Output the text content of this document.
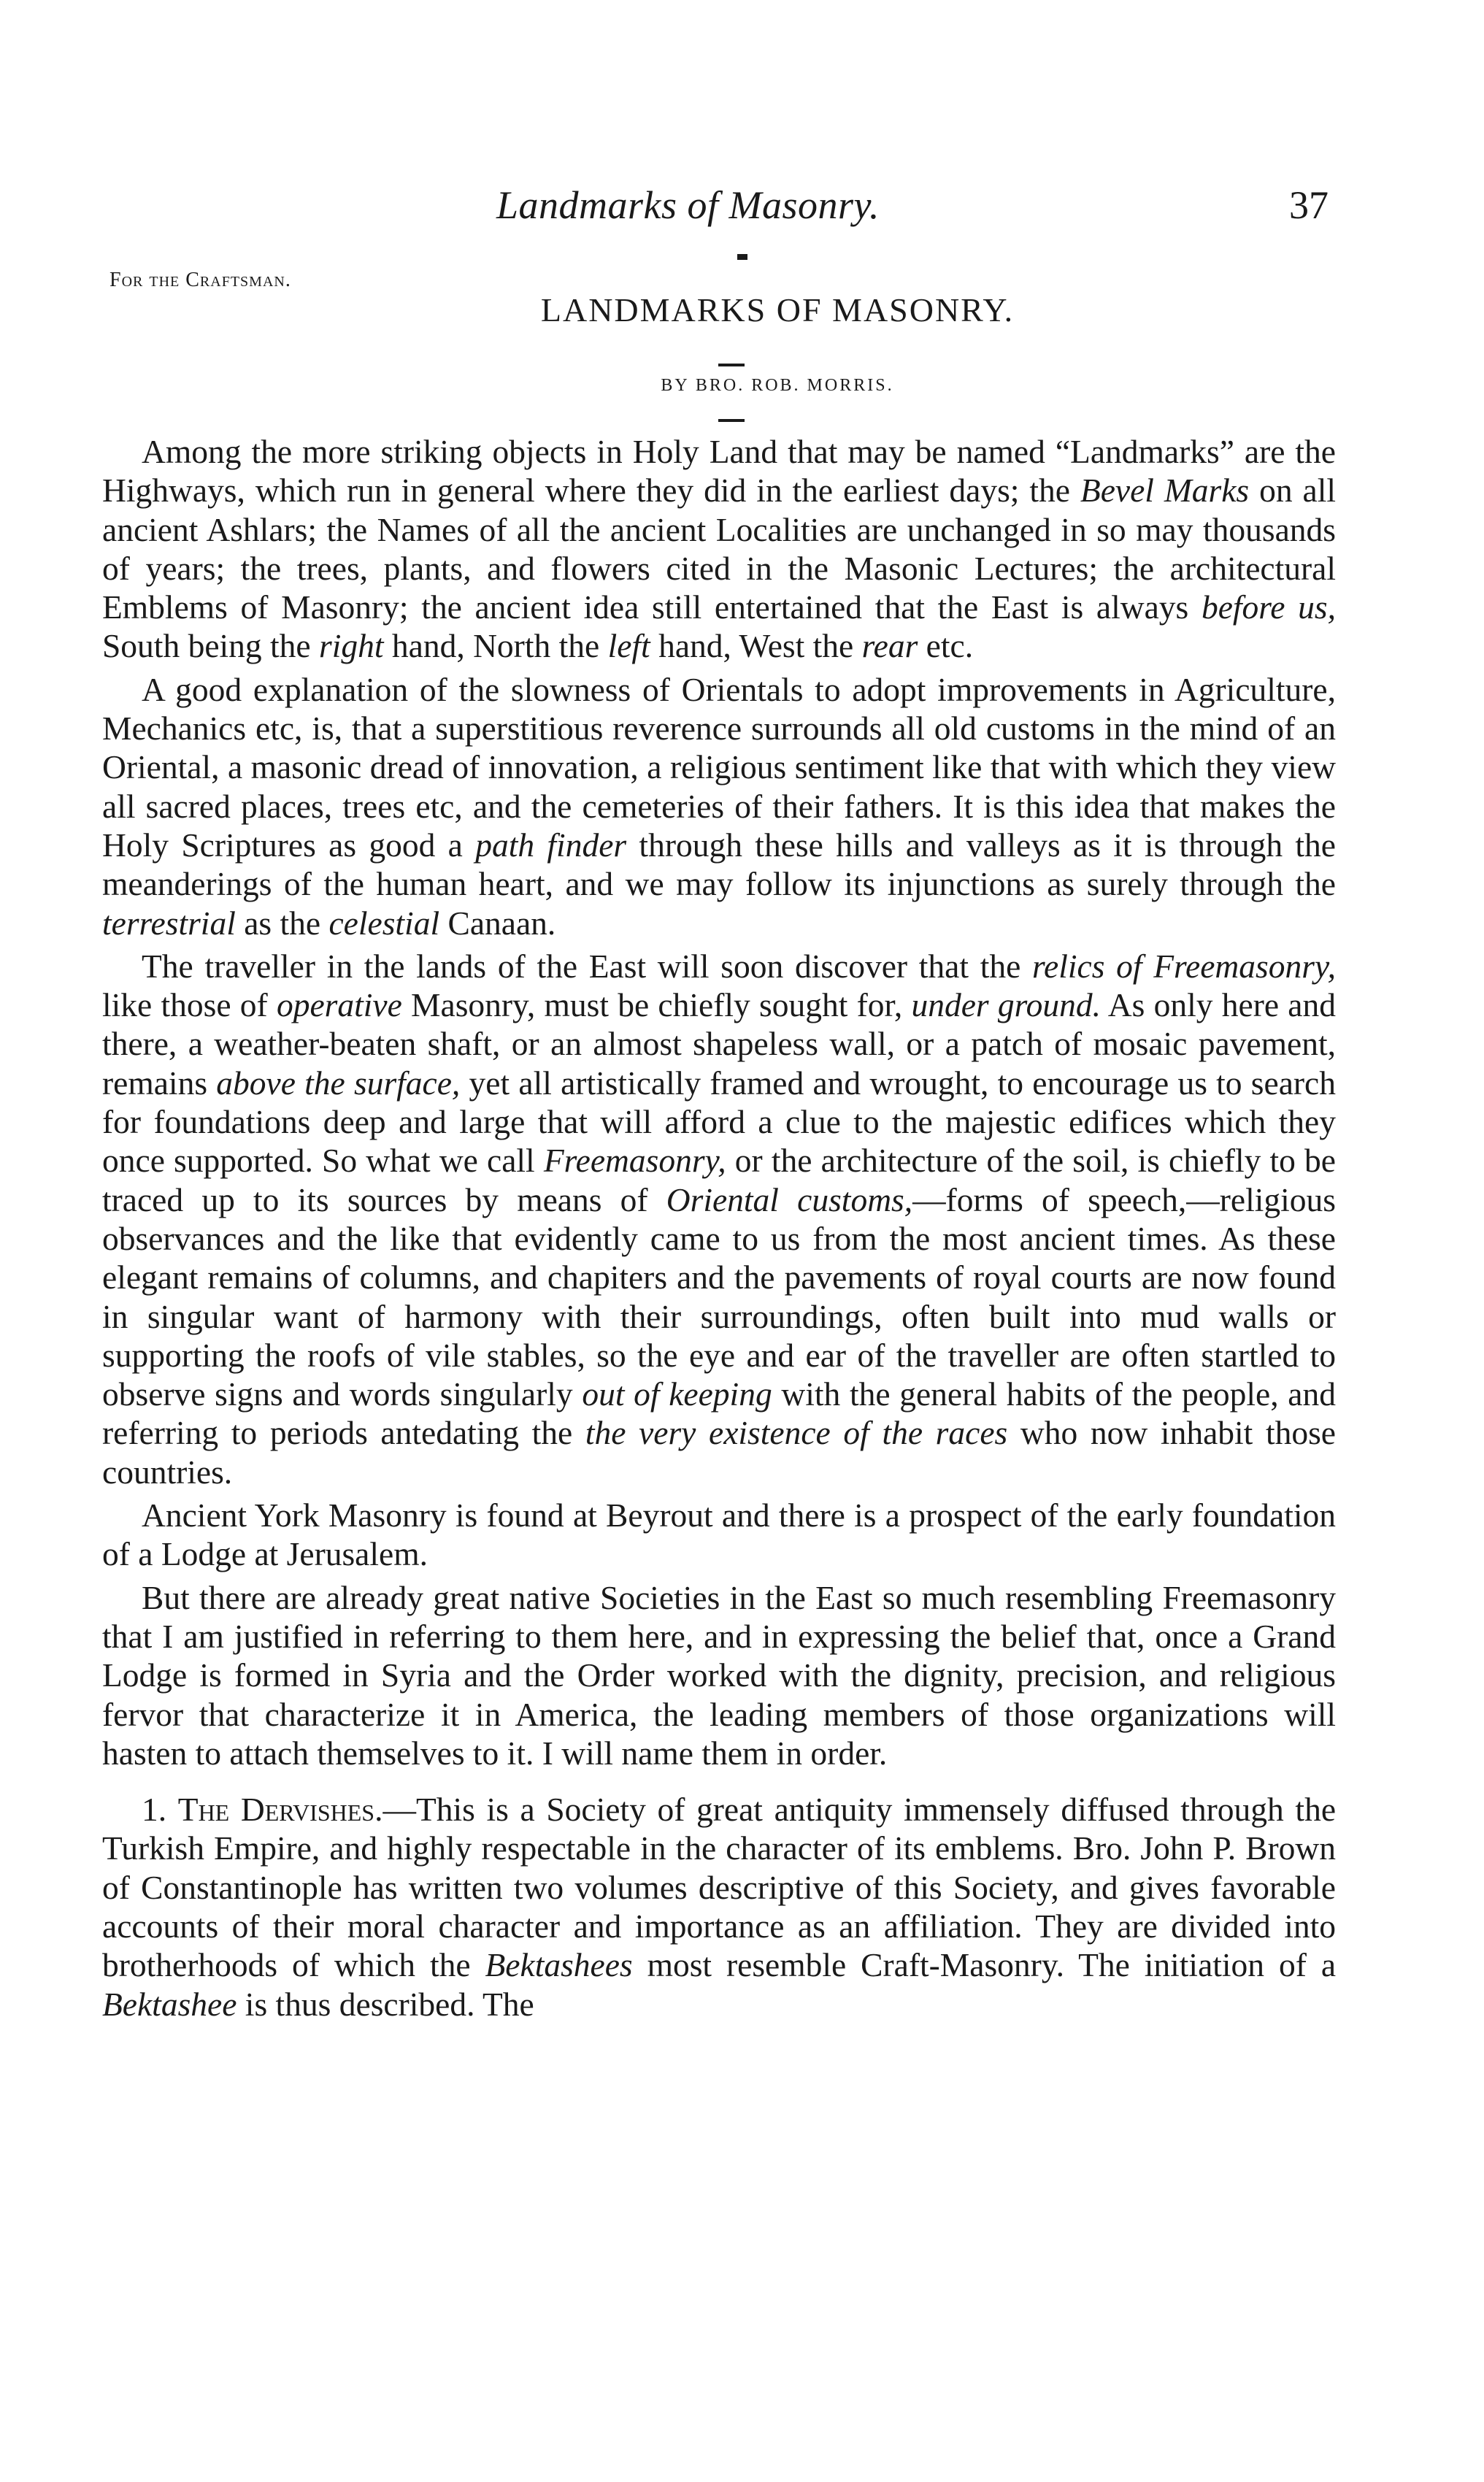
Landmarks of Masonry.	37
For the Craftsman.
LANDMARKS OF MASONRY.
BY BRO. ROB. MORRIS.

Among the more striking objects in Holy Land that may be named “Landmarks” are the Highways, which run in general where they did in the earliest days; the Bevel Marks on all ancient Ashlars; the Names of all the ancient Localities are unchanged in so may thousands of years; the trees, plants, and flowers cited in the Masonic Lectures; the architectural Emblems of Masonry; the ancient idea still entertained that the East is always before us, South being the right hand, North the left hand, West the rear etc.

A good explanation of the slowness of Orientals to adopt improvements in Agriculture, Mechanics etc, is, that a superstitious reverence surrounds all old customs in the mind of an Oriental, a masonic dread of innovation, a religious sentiment like that with which they view all sacred places, trees etc, and the cemeteries of their fathers. It is this idea that makes the Holy Scriptures as good a path finder through these hills and valleys as it is through the meanderings of the human heart, and we may follow its injunctions as surely through the terrestrial as the celestial Canaan.

The traveller in the lands of the East will soon discover that the relics of Freemasonry, like those of operative Masonry, must be chiefly sought for, under ground. As only here and there, a weather-beaten shaft, or an almost shapeless wall, or a patch of mosaic pavement, remains above the surface, yet all artistically framed and wrought, to encourage us to search for foundations deep and large that will afford a clue to the majestic edifices which they once supported. So what we call Freemasonry, or the architecture of the soil, is chiefly to be traced up to its sources by means of Oriental customs,—forms of speech,—religious observances and the like that evidently came to us from the most ancient times. As these elegant remains of columns, and chapiters and the pavements of royal courts are now found in singular want of harmony with their surroundings, often built into mud walls or supporting the roofs of vile stables, so the eye and ear of the traveller are often startled to observe signs and words singularly out of keeping with the general habits of the people, and referring to periods antedating the the very existence of the races who now inhabit those countries.

Ancient York Masonry is found at Beyrout and there is a prospect of the early foundation of a Lodge at Jerusalem.

But there are already great native Societies in the East so much resembling Freemasonry that I am justified in referring to them here, and in expressing the belief that, once a Grand Lodge is formed in Syria and the Order worked with the dignity, precision, and religious fervor that characterize it in America, the leading members of those organizations will hasten to attach themselves to it. I will name them in order.

1. The Dervishes.—This is a Society of great antiquity immensely diffused through the Turkish Empire, and highly respectable in the character of its emblems. Bro. John P. Brown of Constantinople has written two volumes descriptive of this Society, and gives favorable accounts of their moral character and importance as an affiliation. They are divided into brotherhoods of which the Bektashees most resemble Craft-Masonry. The initiation of a Bektashee is thus described. The
